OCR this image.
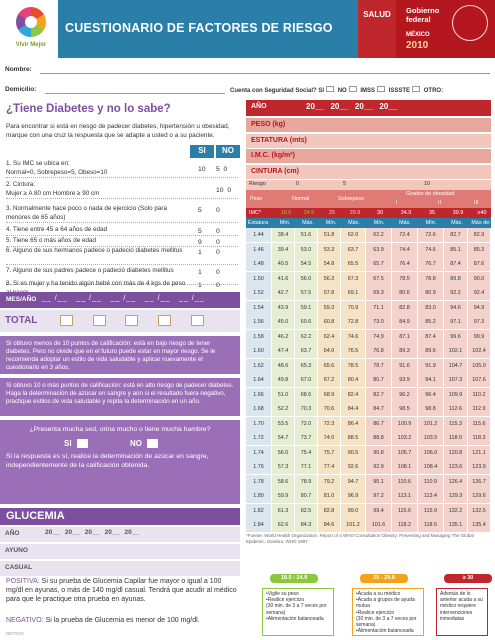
Vivir Mejor
CUESTIONARIO DE FACTORES DE RIESGO
SALUD	Gobierno
federal
MÉXICO
2010
Nombre:
Domicilio:	Cuenta con Seguridad Social? SI NO IMSS ISSSTE OTRO:
¿Tiene Diabetes y no lo sabe?
Para encontrar si está en riesgo de padecer diabetes, hipertensión u obesidad, marque con una cruz la respuesta que se adapte a usted o a su paciente.
SI	NO
1. Su IMC se ubica en:
Normal=0, Sobrepeso=5, Obeso=10	10 5  0
2. Cintura:
Mujer ≥ A 80 cm Hombre ≥ 90 cm	10  0
3. Normalmente hace poco o nada de ejercicio (Solo para menores de 65 años)
5 0
4. Tiene entre 45 a 64 años de edad	5 0
5. Tiene 65 o más años de edad	9 0
6. Alguno de sus hermanos padece o padeció diabetes mellitus	1 0
7. Alguno de sus padres padece o padeció diabetes mellitus	1 0
8. Si es mujer y ha tenido algún bebé con más de 4 kgs de peso 1 0
MES/AÑO __ /__   __ /__   __ /__   __ /__   __ /__
TOTAL

Si obtuvo menos de 10 puntos de calificación: está en bajo riesgo de tener diabetes. Pero no olvide que en el futuro puede estar en mayor riesgo. Se le recomienda adoptar un estilo de vida saludable y aplicar nuevamente el cuestionario en 3 años.
Si obtuvo 10 o más puntos de calificación: está en alto riesgo de padecer diabetes. Haga la determinación de azúcar en sangre y aún si el resultado fuera negativo, practique estilos de vida saludable y repita la determinación en un año.
¿Presenta mucha sed, orina mucho o tiene mucha hambre?
SI	NO
Si la respuesta es sí, realice la determinación de azúcar en sangre, independientemente de la calificación obtenida.
GLUCEMIA
AÑO	20__   20__   20__   20__   20__
AYUNO
CASUAL
POSITIVA: Si su prueba de Glucemia Capilar fue mayor o igual a 100 mg/dl en ayunas, o más de 140 mg/dl casual. Tendrá que acudir al médico para que le practique otra prueba en ayunas.
NEGATIVO: Si la prueba de Glucemia es menor de 100 mg/dl.
DETSYC
AÑO	20__   20__   20__   20__
PESO (kg)
ESTATURA (mts)
I.M.C. (kg/m²)
CINTURA (cm)
Riesgo	0	5	10
Peso	Normal	Sobrepeso
Grados de obesidad
I	II	III
IMC*	18.5	24.9	25	29.9	30	34.9	35	39.9	≥40
Estatura	Mín.	Máx.	Mín.	Máx.	Mín.	Máx.	Mín.	Máx.	Más de:
1.44	38.4	51.6	51.8	62.0	62.2	72.4	72.6	82.7	82.9
1.46	39.4	53.0	53.3	63.7	63.9	74.4	74.6	85.1	85.3
1.48	40.5	54.5	54.8	65.5	65.7	76.4	76.7	87.4	87.6
1.50	41.6	56.0	56.3	67.3	67.5	78.5	78.8	89.8	90.0
1.52	42.7	57.5	57.8	69.1	69.3	80.6	80.9	92.2	92.4
1.54	43.9	59.1	59.3	70.9	71.1	82.8	83.0	94.6	94.9
1.56	45.0	60.6	60.8	72.8	73.0	84.9	85.2	97.1	97.3
1.58	46.2	62.2	62.4	74.6	74.9	87.1	87.4	99.6	99.9
1.60	47.4	63.7	64.0	76.5	76.8	89.3	89.6	102.1	102.4
1.62	48.6	65.3	65.6	78.5	78.7	91.6	91.9	104.7	105.0
1.64	49.8	67.0	67.2	80.4	80.7	93.9	94.1	107.3	107.6
1.66	51.0	68.6	68.9	82.4	82.7	96.2	96.4	109.9	110.2
1.68	52.2	70.3	70.6	84.4	84.7	98.5	98.8	112.6	112.9
1.70	53.5	72.0	72.3	86.4	86.7	100.9	101.2	115.3	115.6
1.72	54.7	73.7	74.0	88.5	88.8	103.2	103.5	118.0	118.3
1.74	56.0	75.4	75.7	90.5	90.8	105.7	106.0	120.8	121.1
1.76	57.3	77.1	77.4	92.6	92.9	108.1	108.4	123.6	123.9
1.78	58.6	78.9	79.2	94.7	95.1	110.6	110.9	126.4	126.7
1.80	59.9	80.7	81.0	96.9	97.2	113.1	113.4	129.3	129.6
1.82	61.3	82.5	82.8	99.0	99.4	115.6	115.9	132.2	132.5
1.84	62.6	84.3	84.6	101.2	101.6	118.2	118.5	135.1	135.4
*Fuente: World Health Organization. Report of a WHO Consultation Obesity: Preventing and Managing The Global Epidemic. Ginebra, WHO 1997
18.5 - 24.9
•Vigile su peso
•Realice ejercicio
(30 min. de 3 a 7 veces por semana)
•Alimentación balanceada
25 - 29.9
•Acuda a su médico
•Acuda a grupos de ayuda mutua
•Realice ejercicio
(30 min. de 3 a 7 veces por semana)
•Alimentación balanceada
≥ 30
Además de lo anterior acuda a su médico requiere intervenciones inmediatas
